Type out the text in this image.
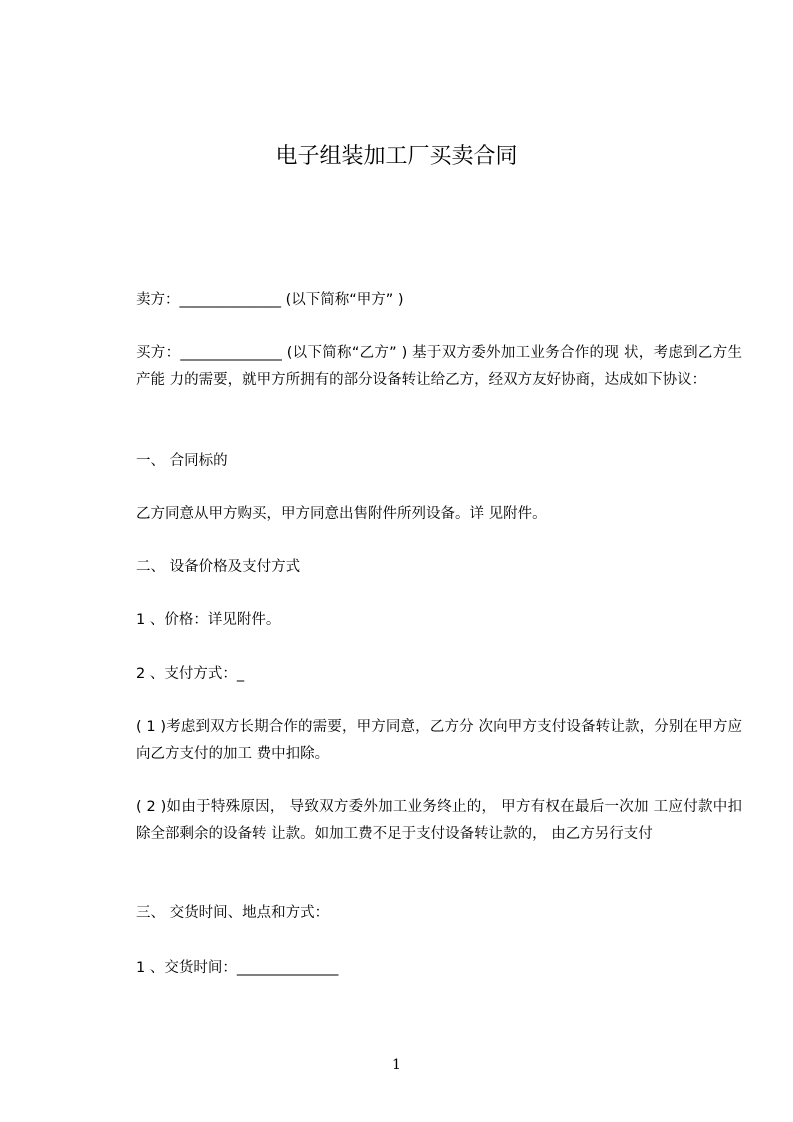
电子组装加工厂买卖合同
卖方：______________ (以下简称“甲方” )
买方：______________ (以下简称“乙方” ) 基于双方委外加工业务合作的现 状，考虑到乙方生产能 力的需要，就甲方所拥有的部分设备转让给乙方，经双方友好协商，达成如下协议：
一、 合同标的
乙方同意从甲方购买，甲方同意出售附件所列设备。详 见附件。
二、 设备价格及支付方式
1 、价格：详见附件。
2 、支付方式：_
( 1 )考虑到双方长期合作的需要，甲方同意，乙方分 次向甲方支付设备转让款，分别在甲方应向乙方支付的加工 费中扣除。
( 2 )如由于特殊原因， 导致双方委外加工业务终止的， 甲方有权在最后一次加 工应付款中扣除全部剩余的设备转 让款。如加工费不足于支付设备转让款的， 由乙方另行支付
三、 交货时间、地点和方式：
1 、交货时间：______________
1
